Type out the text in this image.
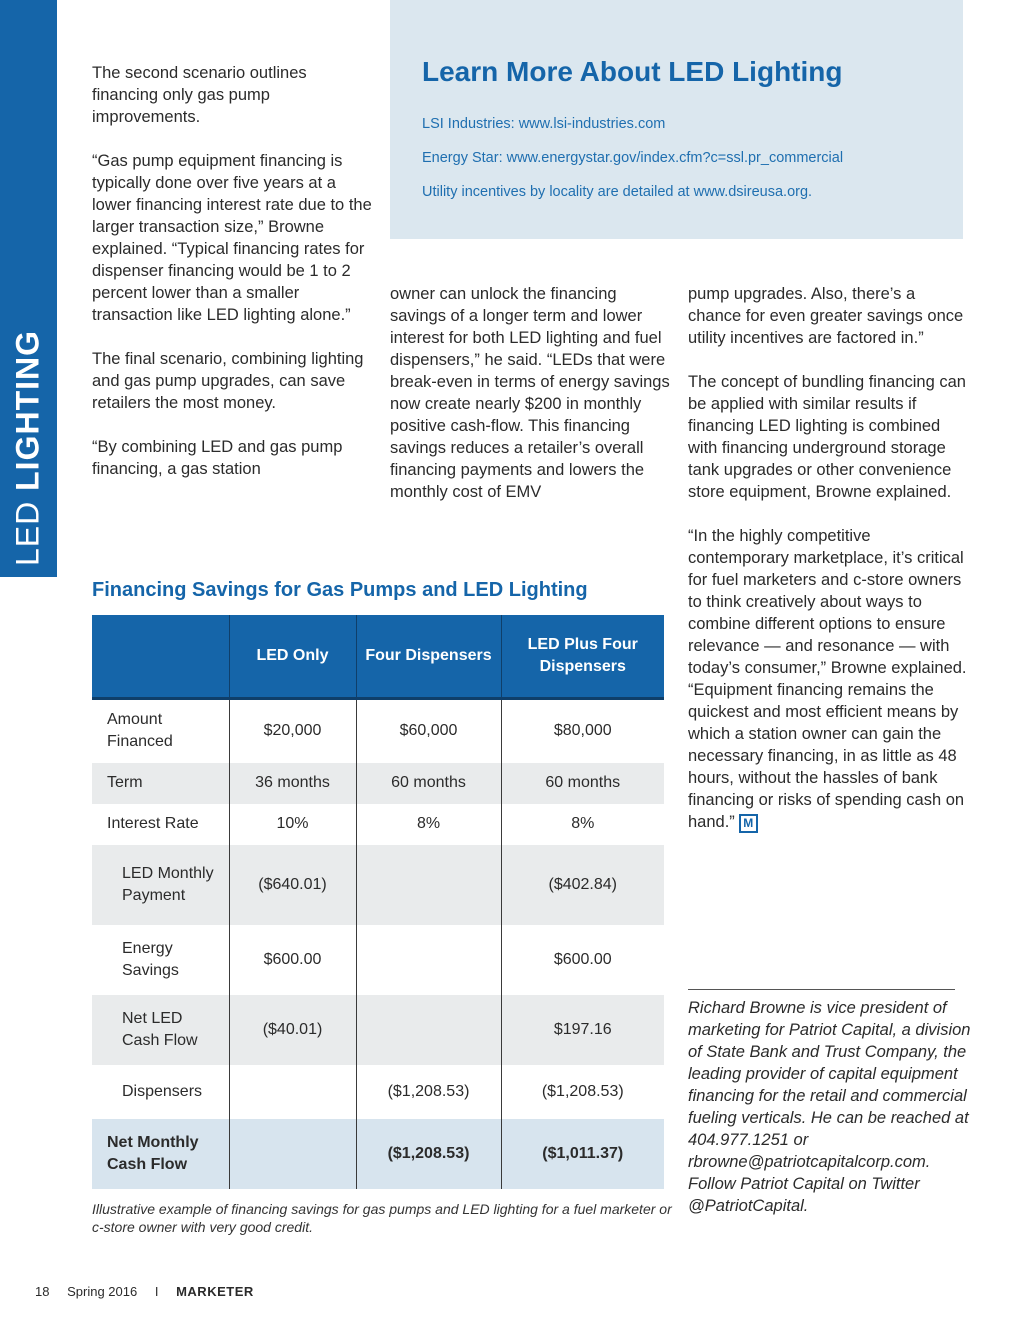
LED LIGHTING

The second scenario outlines financing only gas pump improvements.

“Gas pump equipment financing is typically done over five years at a lower financing interest rate due to the larger transaction size,” Browne explained. “Typical financing rates for dispenser financing would be 1 to 2 percent lower than a smaller transaction like LED lighting alone.”

The final scenario, combining lighting and gas pump upgrades, can save retailers the most money.

“By combining LED and gas pump financing, a gas station

Learn More About LED Lighting

LSI Industries: www.lsi-industries.com

Energy Star: www.energystar.gov/index.cfm?c=ssl.pr_commercial

Utility incentives by locality are detailed at www.dsireusa.org.

owner can unlock the financing savings of a longer term and lower interest for both LED lighting and fuel dispensers,” he said. “LEDs that were break-even in terms of energy savings now create nearly $200 in monthly positive cash-flow. This financing savings reduces a retailer’s overall financing payments and lowers the monthly cost of EMV

pump upgrades. Also, there’s a chance for even greater savings once utility incentives are factored in.”

The concept of bundling financing can be applied with similar results if financing LED lighting is combined with financing underground storage tank upgrades or other convenience store equipment, Browne explained.

“In the highly competitive contemporary marketplace, it’s critical for fuel marketers and c-store owners to think creatively about ways to combine different options to ensure relevance — and resonance — with today’s consumer,” Browne explained. “Equipment financing remains the quickest and most efficient means by which a station owner can gain the necessary financing, in as little as 48 hours, without the hassles of bank financing or risks of spending cash on hand.” M

Financing Savings for Gas Pumps and LED Lighting
	LED Only	Four Dispensers	LED Plus Four Dispensers
Amount Financed	$20,000	$60,000	$80,000
Term	36 months	60 months	60 months
Interest Rate	10%	8%	8%
LED Monthly Payment	($640.01)		($402.84)
Energy Savings	$600.00		$600.00
Net LED Cash Flow	($40.01)		$197.16
Dispensers		($1,208.53)	($1,208.53)
Net Monthly Cash Flow		($1,208.53)	($1,011.37)

Illustrative example of financing savings for gas pumps and LED lighting for a fuel marketer or c-store owner with very good credit.

Richard Browne is vice president of marketing for Patriot Capital, a division of State Bank and Trust Company, the leading provider of capital equipment financing for the retail and commercial fueling verticals. He can be reached at 404.977.1251 or rbrowne@patriotcapitalcorp.com. Follow Patriot Capital on Twitter @PatriotCapital.

18 Spring 2016 I MARKETER
